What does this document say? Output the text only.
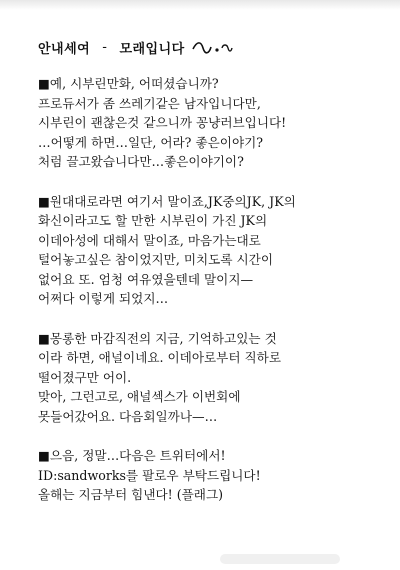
안내세여 - 모래입니다
■예, 시부린만화, 어떠셨습니까?
프로듀서가 좀 쓰레기같은 남자입니다만,
시부린이 괜찮은것 같으니까 꽁냥러브입니다!
…어떻게 하면…일단, 어라? 좋은이야기?
처럼 끌고왔습니다만…좋은이야기이?
■원대대로라면 여기서 말이죠,JK중의JK, JK의
화신이라고도 할 만한 시부린이 가진 JK의
이데아성에 대해서 말이죠, 마음가는대로
털어놓고싶은 참이었지만, 미치도록 시간이
없어요 또. 엄청 여유였을텐데 말이지—
어쩌다 이렇게 되었지…
■몽롱한 마감직전의 지금, 기억하고있는 것
이라 하면, 애널이네요. 이데아로부터 직하로
떨어졌구만 어이.
맞아, 그런고로, 애널섹스가 이번회에
못들어갔어요. 다음회일까나—…
■으음, 정말…다음은 트위터에서!
ID:sandworks를 팔로우 부탁드립니다!
올해는 지금부터 힘낸다! (플래그)
